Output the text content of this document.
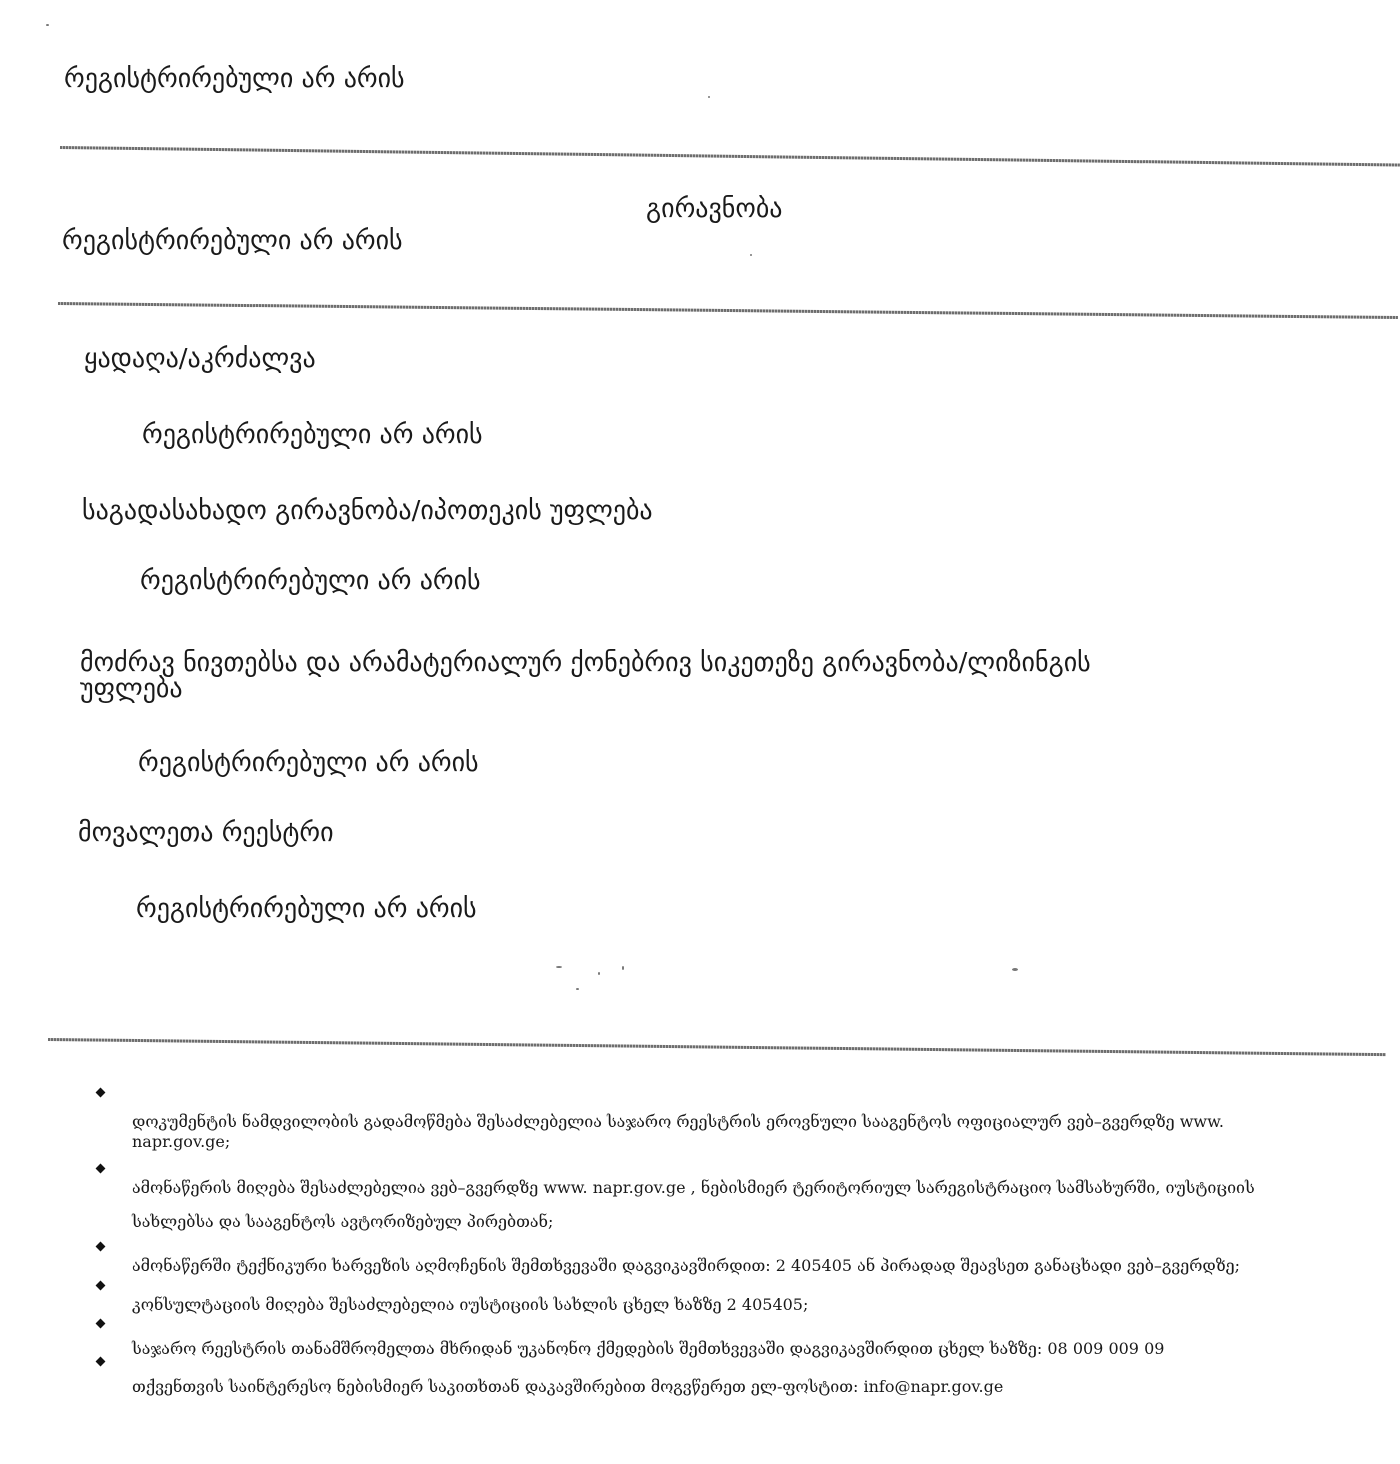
რეგისტრირებული არ არის
გირავნობა
რეგისტრირებული არ არის
ყადაღა/აკრძალვა
რეგისტრირებული არ არის
საგადასახადო გირავნობა/იპოთეკის უფლება
რეგისტრირებული არ არის
მოძრავ ნივთებსა და არამატერიალურ ქონებრივ სიკეთეზე გირავნობა/ლიზინგის
უფლება
რეგისტრირებული არ არის
მოვალეთა რეესტრი
რეგისტრირებული არ არის
დოკუმენტის ნამდვილობის გადამოწმება შესაძლებელია საჯარო რეესტრის ეროვნული სააგენტოს ოფიციალურ ვებ–გვერდზე www.
napr.gov.ge;
ამონაწერის მიღება შესაძლებელია ვებ–გვერდზე www. napr.gov.ge , ნებისმიერ ტერიტორიულ სარეგისტრაციო სამსახურში, იუსტიციის
სახლებსა და სააგენტოს ავტორიზებულ პირებთან;
ამონაწერში ტექნიკური ხარვეზის აღმოჩენის შემთხვევაში დაგვიკავშირდით: 2 405405 ან პირადად შეავსეთ განაცხადი ვებ–გვერდზე;
კონსულტაციის მიღება შესაძლებელია იუსტიციის სახლის ცხელ ხაზზე 2 405405;
საჯარო რეესტრის თანამშრომელთა მხრიდან უკანონო ქმედების შემთხვევაში დაგვიკავშირდით ცხელ ხაზზე: 08 009 009 09
თქვენთვის საინტერესო ნებისმიერ საკითხთან დაკავშირებით მოგვწერეთ ელ-ფოსტით: info@napr.gov.ge
